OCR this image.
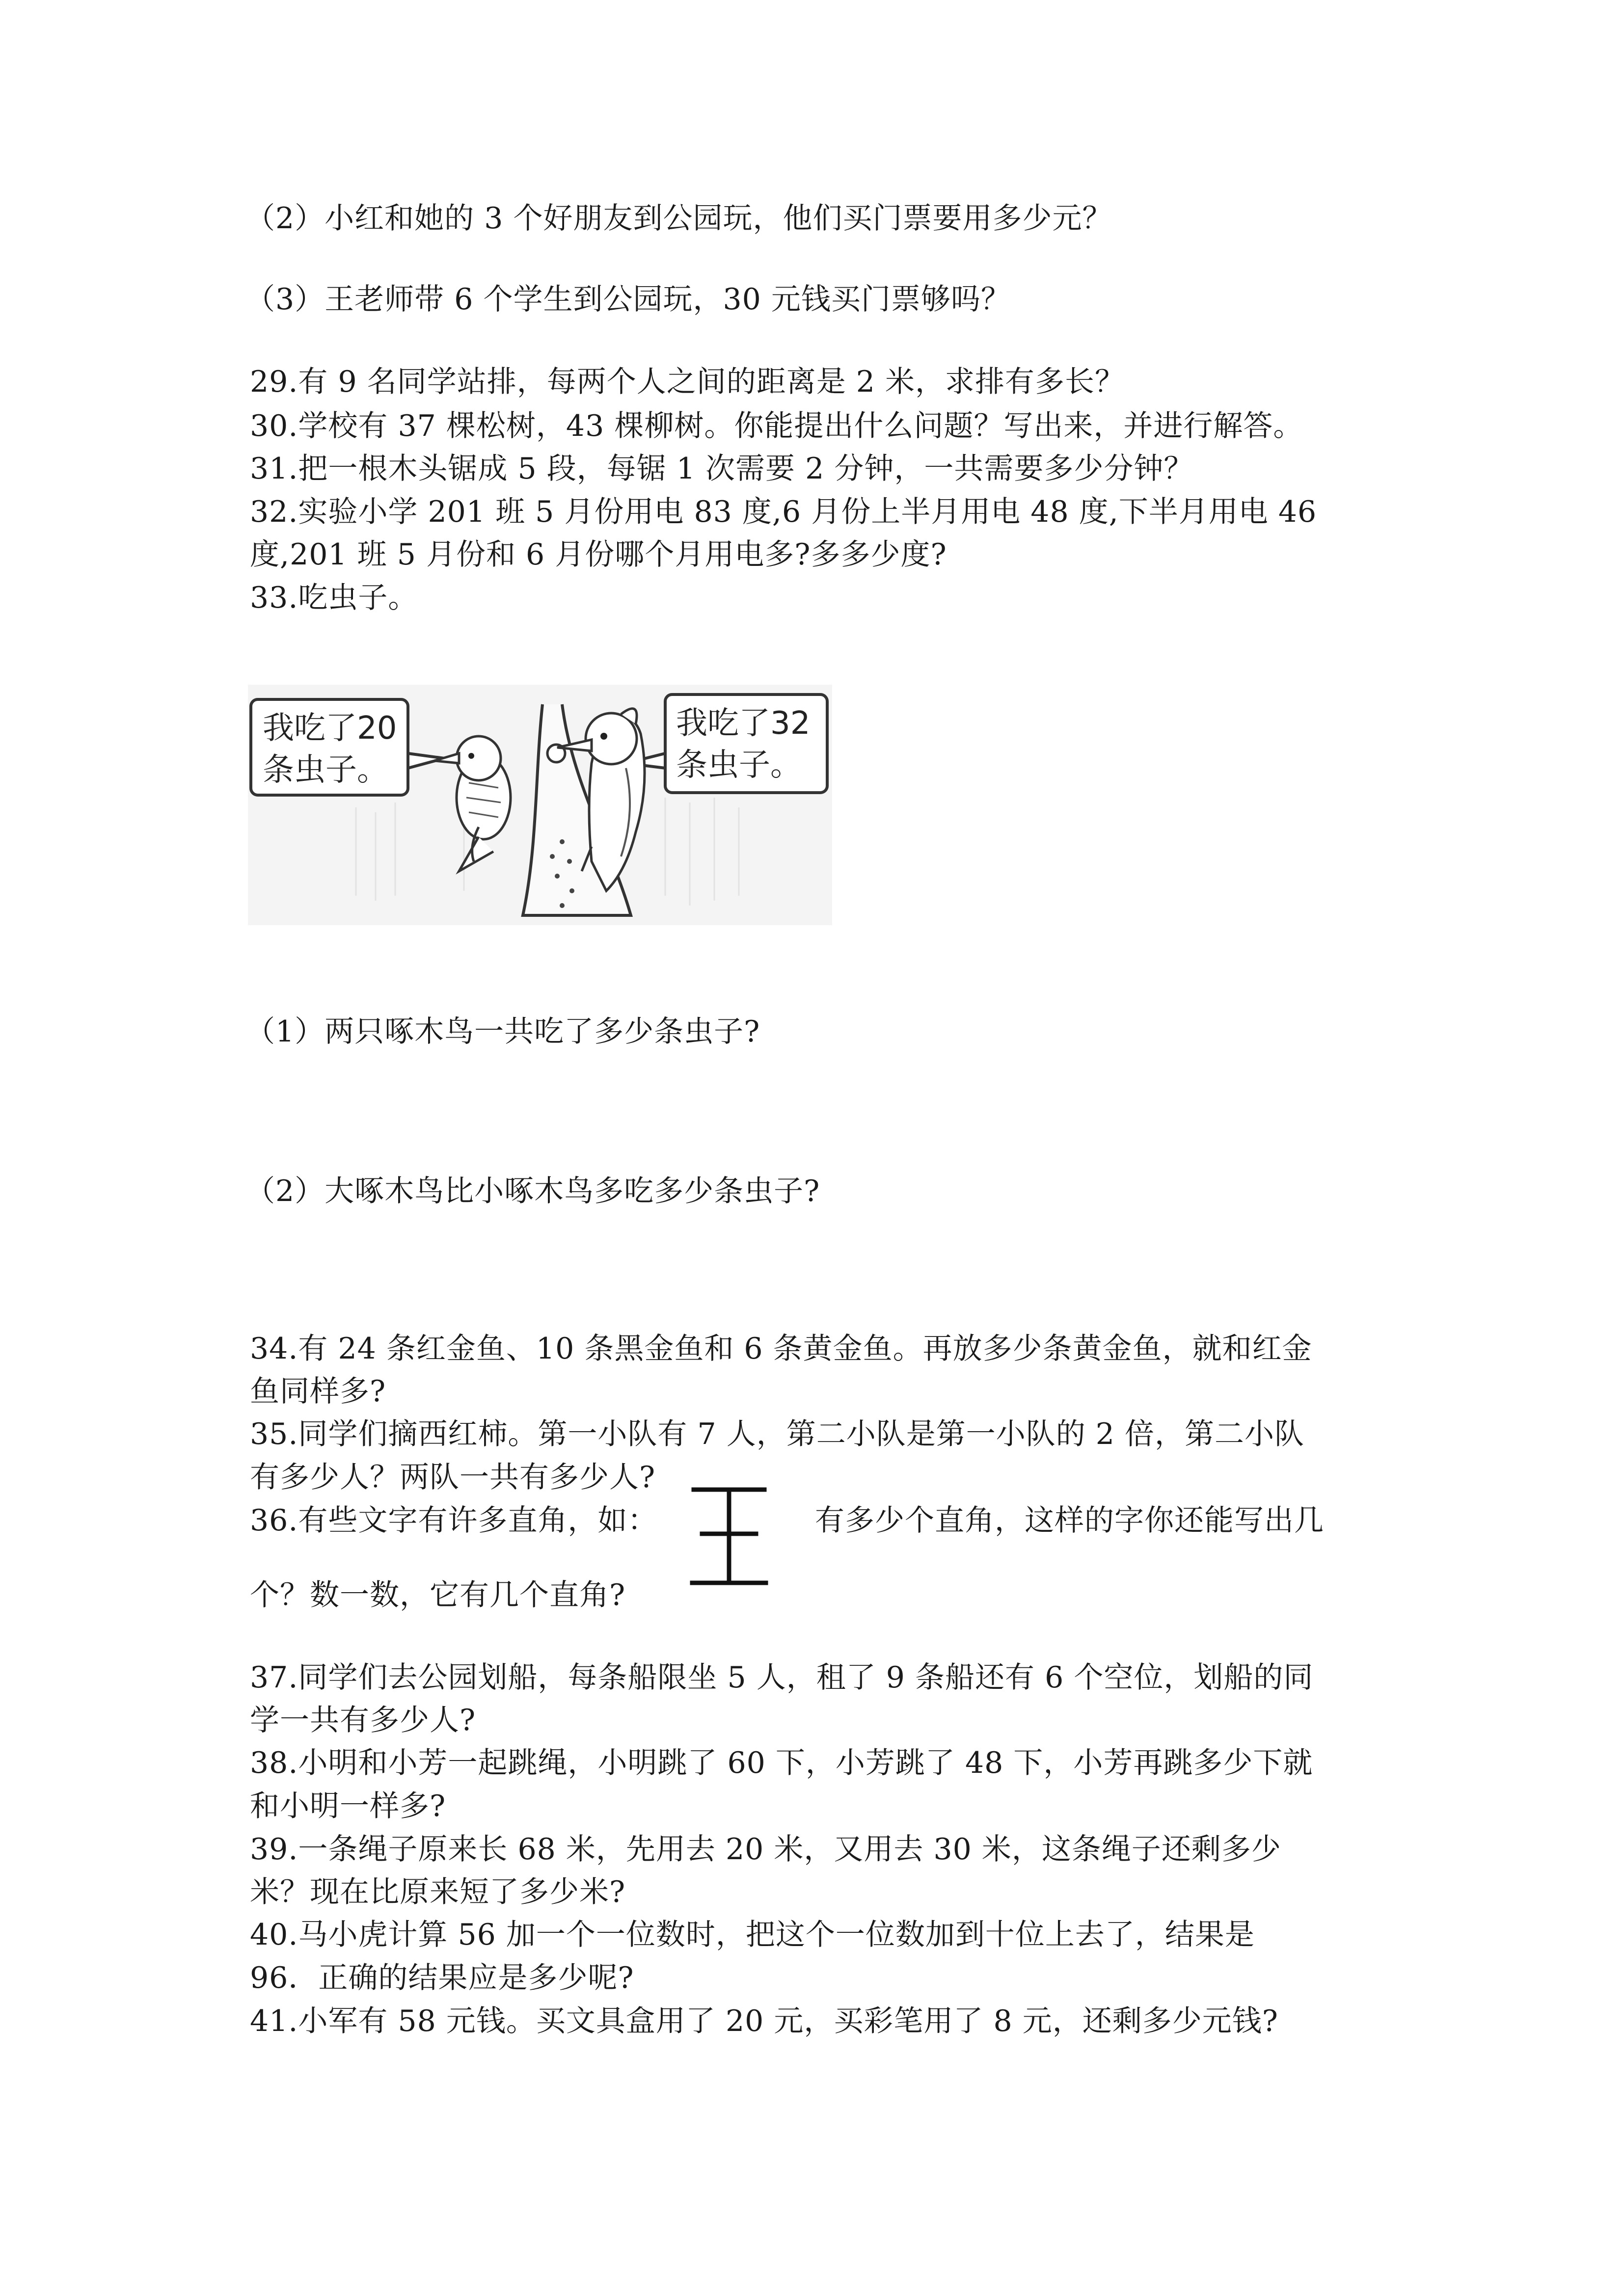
（2）小红和她的 3 个好朋友到公园玩，他们买门票要用多少元？
（3）王老师带 6 个学生到公园玩，30 元钱买门票够吗？
29.有 9 名同学站排，每两个人之间的距离是 2 米，求排有多长？
30.学校有 37 棵松树，43 棵柳树。你能提出什么问题？写出来，并进行解答。
31.把一根木头锯成 5 段，每锯 1 次需要 2 分钟，一共需要多少分钟？
32.实验小学 201 班 5 月份用电 83 度,6 月份上半月用电 48 度,下半月用电 46
度,201 班 5 月份和 6 月份哪个月用电多?多多少度?
33.吃虫子。
我吃了20
条虫子。
我吃了32
条虫子。
（1）两只啄木鸟一共吃了多少条虫子?
（2）大啄木鸟比小啄木鸟多吃多少条虫子?
34.有 24 条红金鱼、10 条黑金鱼和 6 条黄金鱼。再放多少条黄金鱼，就和红金
鱼同样多?
35.同学们摘西红柿。第一小队有 7 人，第二小队是第一小队的 2 倍，第二小队
有多少人？两队一共有多少人?
36.有些文字有许多直角，如：	有多少个直角，这样的字你还能写出几
个？数一数，它有几个直角?
37.同学们去公园划船，每条船限坐 5 人，租了 9 条船还有 6 个空位，划船的同
学一共有多少人?
38.小明和小芳一起跳绳，小明跳了 60 下，小芳跳了 48 下，小芳再跳多少下就
和小明一样多?
39.一条绳子原来长 68 米，先用去 20 米，又用去 30 米，这条绳子还剩多少
米？现在比原来短了多少米?
40.马小虎计算 56 加一个一位数时，把这个一位数加到十位上去了，结果是
96．正确的结果应是多少呢?
41.小军有 58 元钱。买文具盒用了 20 元，买彩笔用了 8 元，还剩多少元钱?
